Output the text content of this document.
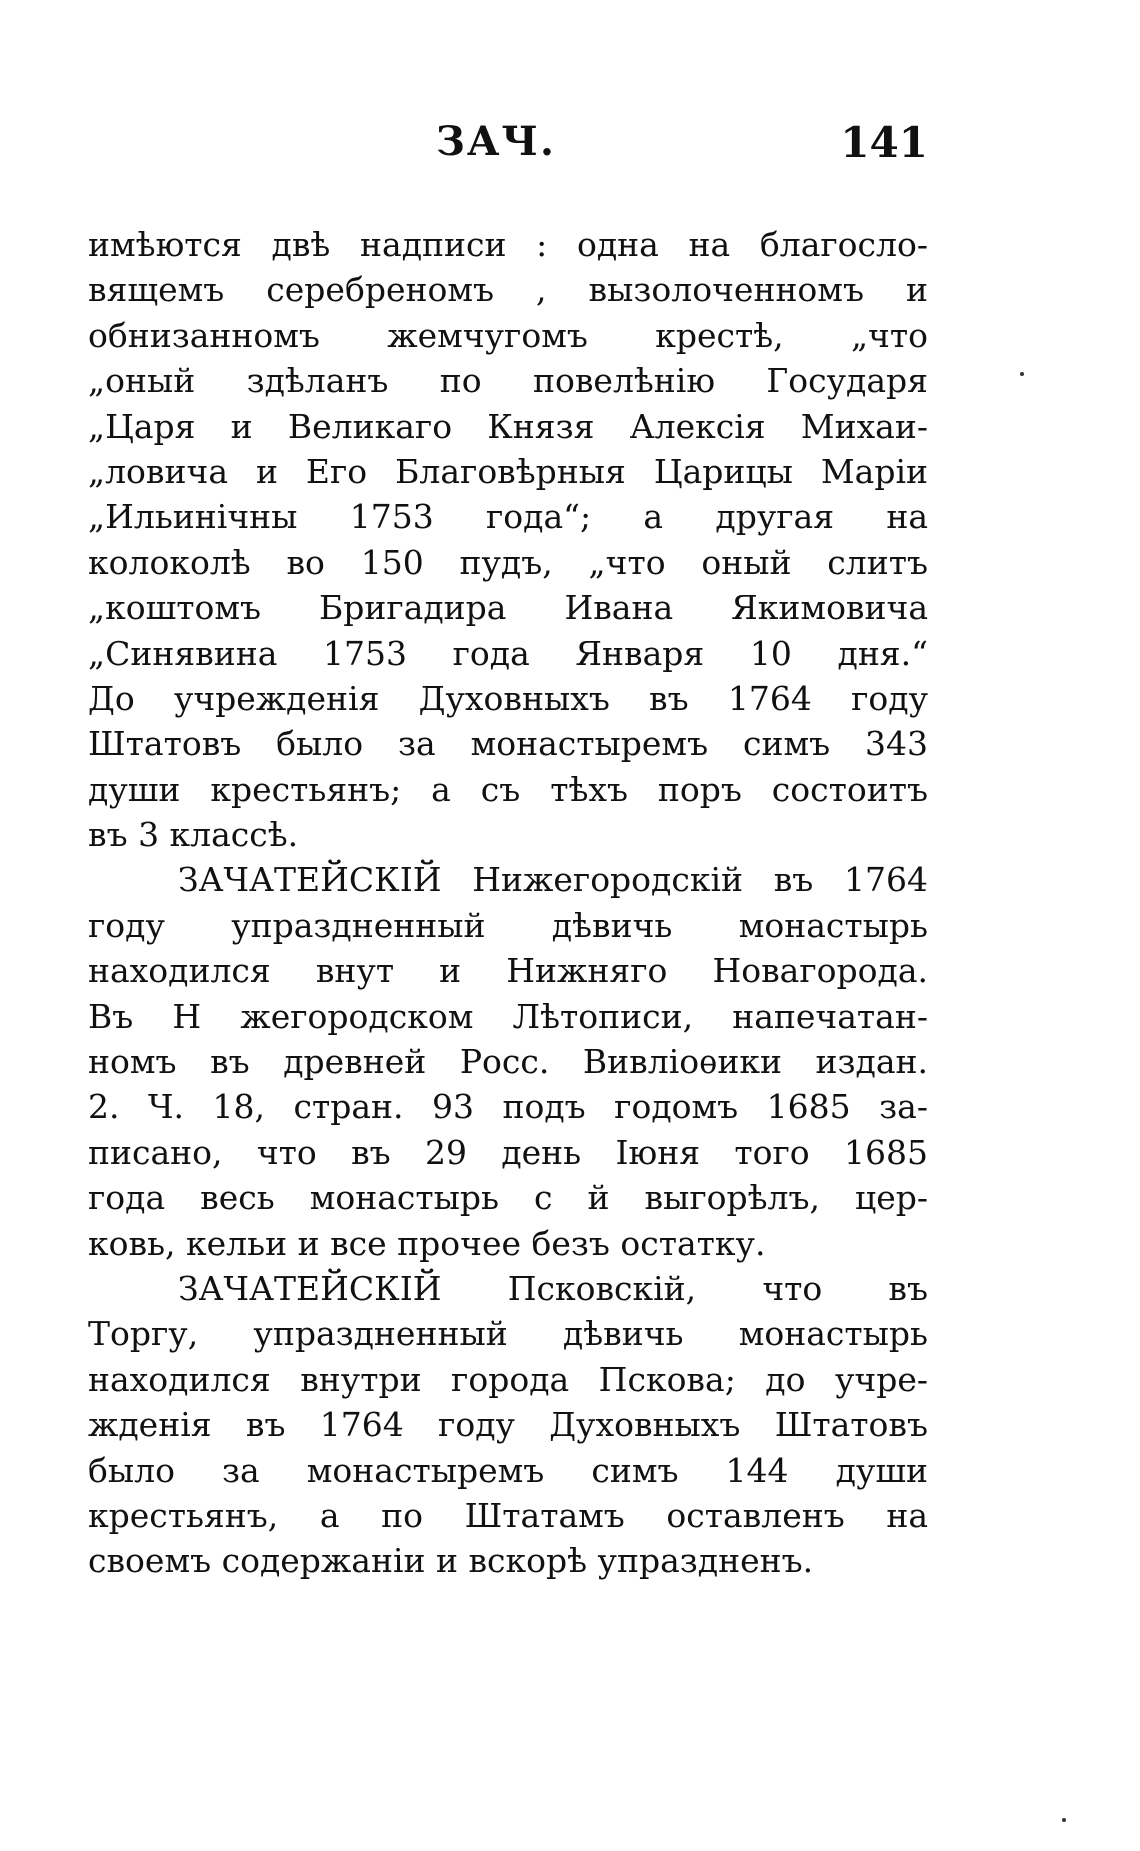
ЗАЧ.	141
имѣются двѣ надписи : одна на благосло-
вящемъ серебреномъ , вызолоченномъ и
обнизанномъ жемчугомъ крестѣ, „что
„оный здѣланъ по повелѣнію Государя
„Царя и Великаго Князя Алексія Михаи-
„ловича и Его Благовѣрныя Царицы Маріи
„Ильинічны 1753 года“; а другая на
колоколѣ во 150 пудъ, „что оный слитъ
„коштомъ Бригадира Ивана Якимовича
„Синявина 1753 года Января 10 дня.“
До учрежденія Духовныхъ въ 1764 году
Штатовъ было за монастыремъ симъ 343
души крестьянъ; а съ тѣхъ поръ состоитъ
въ 3 классѣ.
ЗАЧАТЕЙСКІЙ Нижегородскій въ 1764
году упраздненный дѣвичь монастырь
находился внут и Нижняго Новагорода.
Въ Н жегородском Лѣтописи, напечатан-
номъ въ древней Росс. Вивліоѳики издан.
2. Ч. 18, стран. 93 подъ годомъ 1685 за-
писано, что въ 29 день Іюня того 1685
года весь монастырь с й выгорѣлъ, цер-
ковь, кельи и все прочее безъ остатку.
ЗАЧАТЕЙСКІЙ Псковскій, что въ
Торгу, упраздненный дѣвичь монастырь
находился внутри города Пскова; до учре-
жденія въ 1764 году Духовныхъ Штатовъ
было за монастыремъ симъ 144 души
крестьянъ, а по Штатамъ оставленъ на
своемъ содержаніи и вскорѣ упраздненъ.
